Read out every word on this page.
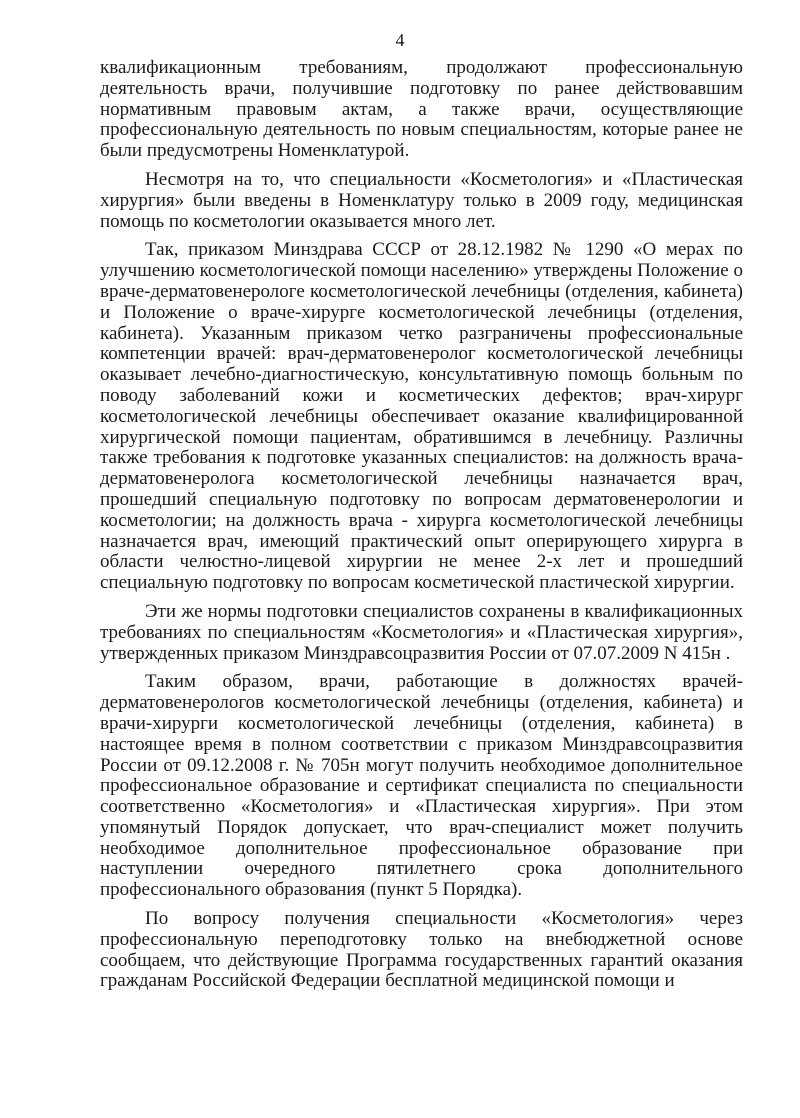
4

квалификационным требованиям, продолжают профессиональную деятельность врачи, получившие подготовку по ранее действовавшим нормативным правовым актам, а также врачи, осуществляющие профессиональную деятельность по новым специальностям, которые ранее не были предусмотрены Номенклатурой.

Несмотря на то, что специальности «Косметология» и «Пластическая хирургия» были введены в Номенклатуру только в 2009 году, медицинская помощь по косметологии оказывается много лет.

Так, приказом Минздрава СССР от 28.12.1982 № 1290 «О мерах по улучшению косметологической помощи населению» утверждены Положение о враче-дерматовенерологе косметологической лечебницы (отделения, кабинета) и Положение о враче-хирурге косметологической лечебницы (отделения, кабинета). Указанным приказом четко разграничены профессиональные компетенции врачей: врач-дерматовенеролог косметологической лечебницы оказывает лечебно-диагностическую, консультативную помощь больным по поводу заболеваний кожи и косметических дефектов; врач-хирург косметологической лечебницы обеспечивает оказание квалифицированной хирургической помощи пациентам, обратившимся в лечебницу. Различны также требования к подготовке указанных специалистов: на должность врача-дерматовенеролога косметологической лечебницы назначается врач, прошедший специальную подготовку по вопросам дерматовенерологии и косметологии; на должность врача - хирурга косметологической лечебницы назначается врач, имеющий практический опыт оперирующего хирурга в области челюстно-лицевой хирургии не менее 2-х лет и прошедший специальную подготовку по вопросам косметической пластической хирургии.

Эти же нормы подготовки специалистов сохранены в квалификационных требованиях по специальностям «Косметология» и «Пластическая хирургия», утвержденных приказом Минздравсоцразвития России от 07.07.2009 N 415н .

Таким образом, врачи, работающие в должностях врачей-дерматовенерологов косметологической лечебницы (отделения, кабинета) и врачи-хирурги косметологической лечебницы (отделения, кабинета) в настоящее время в полном соответствии с приказом Минздравсоцразвития России от 09.12.2008 г. № 705н могут получить необходимое дополнительное профессиональное образование и сертификат специалиста по специальности соответственно «Косметология» и «Пластическая хирургия». При этом упомянутый Порядок допускает, что врач-специалист может получить необходимое дополнительное профессиональное образование при наступлении очередного пятилетнего срока дополнительного профессионального образования (пункт 5 Порядка).

По вопросу получения специальности «Косметология» через профессиональную переподготовку только на внебюджетной основе сообщаем, что действующие Программа государственных гарантий оказания гражданам Российской Федерации бесплатной медицинской помощи и
